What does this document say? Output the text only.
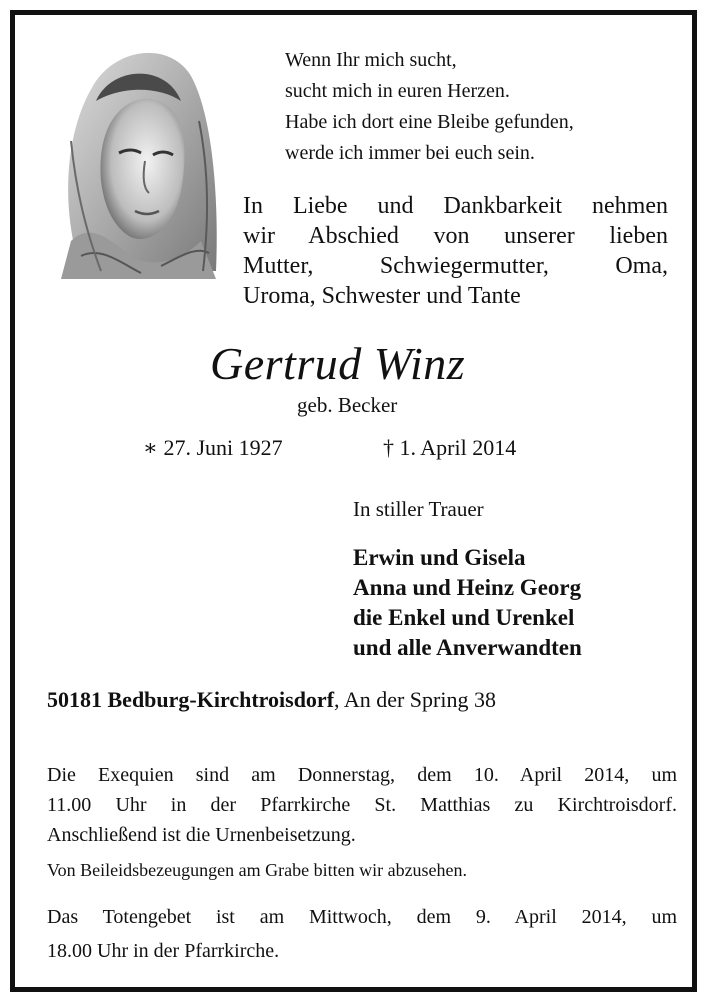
Wenn Ihr mich sucht,
sucht mich in euren Herzen.
Habe ich dort eine Bleibe gefunden,
werde ich immer bei euch sein.
In Liebe und Dankbarkeit nehmen
wir Abschied von unserer lieben
Mutter, Schwiegermutter, Oma,
Uroma, Schwester und Tante
Gertrud Winz
geb. Becker
∗ 27. Juni 1927	† 1. April 2014
In stiller Trauer
Erwin und Gisela
Anna und Heinz Georg
die Enkel und Urenkel
und alle Anverwandten
50181 Bedburg-Kirchtroisdorf, An der Spring 38
Die Exequien sind am Donnerstag, dem 10. April 2014, um
11.00 Uhr in der Pfarrkirche St. Matthias zu Kirchtroisdorf.
Anschließend ist die Urnenbeisetzung.
Von Beileidsbezeugungen am Grabe bitten wir abzusehen.
Das Totengebet ist am Mittwoch, dem 9. April 2014, um
18.00 Uhr in der Pfarrkirche.
